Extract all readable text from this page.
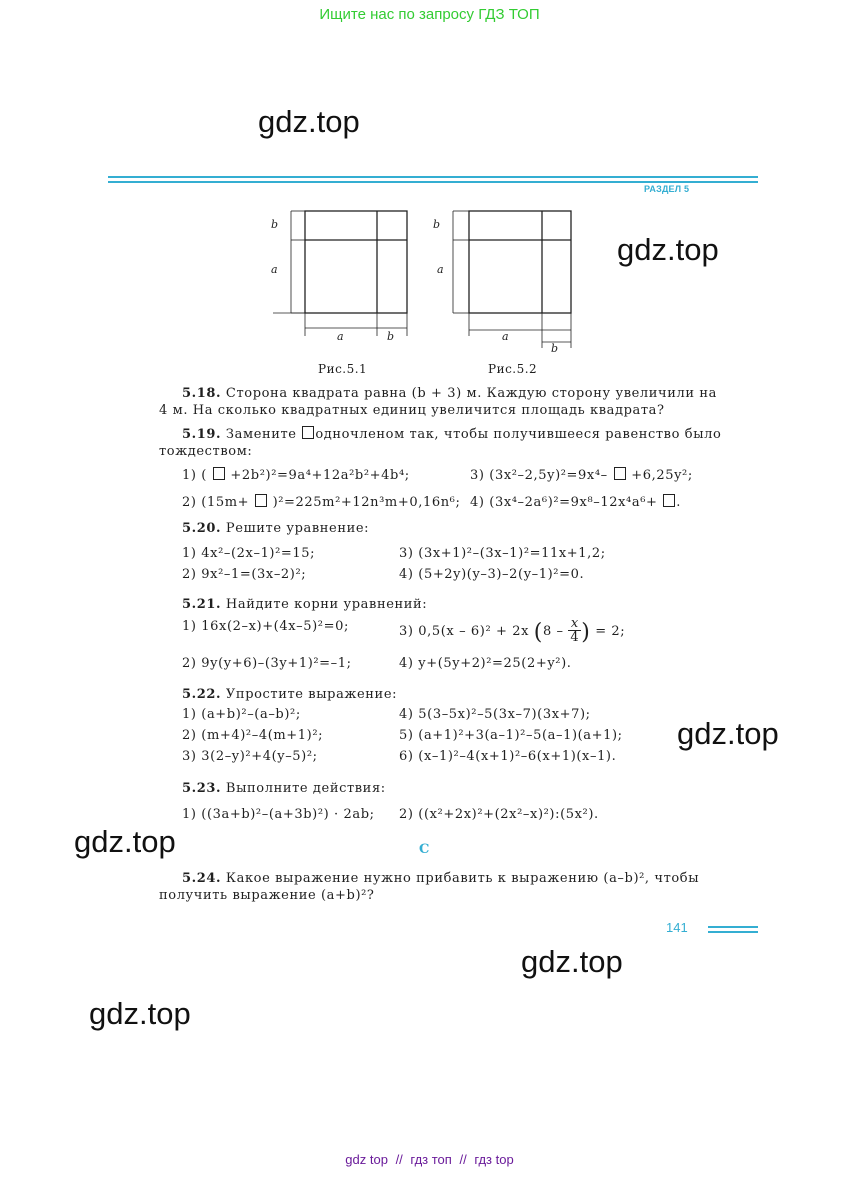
Ищите нас по запросу ГДЗ ТОП
gdz.top
gdz.top
gdz.top
gdz.top
gdz.top
gdz.top
РАЗДЕЛ 5
b
a
a	b
b
a
a
b
Рис.5.1	Рис.5.2
5.18. Сторона квадрата равна (b + 3) м. Каждую сторону увеличили на
4 м. На сколько квадратных единиц увеличится площадь квадрата?
5.19. Замените одночленом так, чтобы получившееся равенство было
тождеством:
1) ( +2b²)²=9a⁴+12a²b²+4b⁴;	3) (3x²–2,5y)²=9x⁴– +6,25y²;
2) (15m+ )²=225m²+12n³m+0,16n⁶; 4) (3x⁴–2a⁶)²=9x⁸–12x⁴a⁶+ .
5.20. Решите уравнение:
1) 4x²–(2x–1)²=15;	3) (3x+1)²–(3x–1)²=11x+1,2;
2) 9x²–1=(3x–2)²;	4) (5+2y)(y–3)–2(y–1)²=0.
5.21. Найдите корни уравнений:
1) 16x(2–x)+(4x–5)²=0;	3) 0,5(x – 6)² + 2x ($8 - \frac{x}{4}$ ) = 2;
2) 9y(y+6)–(3y+1)²=–1;	4) y+(5y+2)²=25(2+y²).
5.22. Упростите выражение:
1) (a+b)²–(a–b)²;	4) 5(3–5x)²–5(3x–7)(3x+7);
2) (m+4)²–4(m+1)²;	5) (a+1)²+3(a–1)²–5(a–1)(a+1);
3) 3(2–y)²+4(y–5)²;	6) (x–1)²–4(x+1)²–6(x+1)(x–1).
5.23. Выполните действия:
1) ((3a+b)²–(a+3b)²) · 2ab; 2) ((x²+2x)²+(2x²–x)²):(5x²).
C
5.24. Какое выражение нужно прибавить к выражению (a–b)², чтобы
получить выражение (a+b)²?
141
gdz top // гдз топ // гдз top
